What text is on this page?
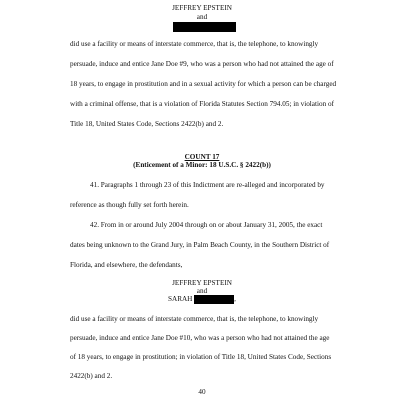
JEFFREY EPSTEIN
and
did use a facility or means of interstate commerce, that is, the telephone, to knowingly
persuade, induce and entice Jane Doe #9, who was a person who had not attained the age of
18 years, to engage in prostitution and in a sexual activity for which a person can be charged
with a criminal offense, that is a violation of Florida Statutes Section 794.05; in violation of
Title 18, United States Code, Sections 2422(b) and 2.
COUNT 17
(Enticement of a Minor: 18 U.S.C. § 2422(b))
41. Paragraphs 1 through 23 of this Indictment are re-alleged and incorporated by
reference as though fully set forth herein.
42. From in or around July 2004 through on or about January 31, 2005, the exact
dates being unknown to the Grand Jury, in Palm Beach County, in the Southern District of
Florida, and elsewhere, the defendants,
JEFFREY EPSTEIN
and
SARAH	,
did use a facility or means of interstate commerce, that is, the telephone, to knowingly
persuade, induce and entice Jane Doe #10, who was a person who had not attained the age
of 18 years, to engage in prostitution; in violation of Title 18, United States Code, Sections
2422(b) and 2.
40
